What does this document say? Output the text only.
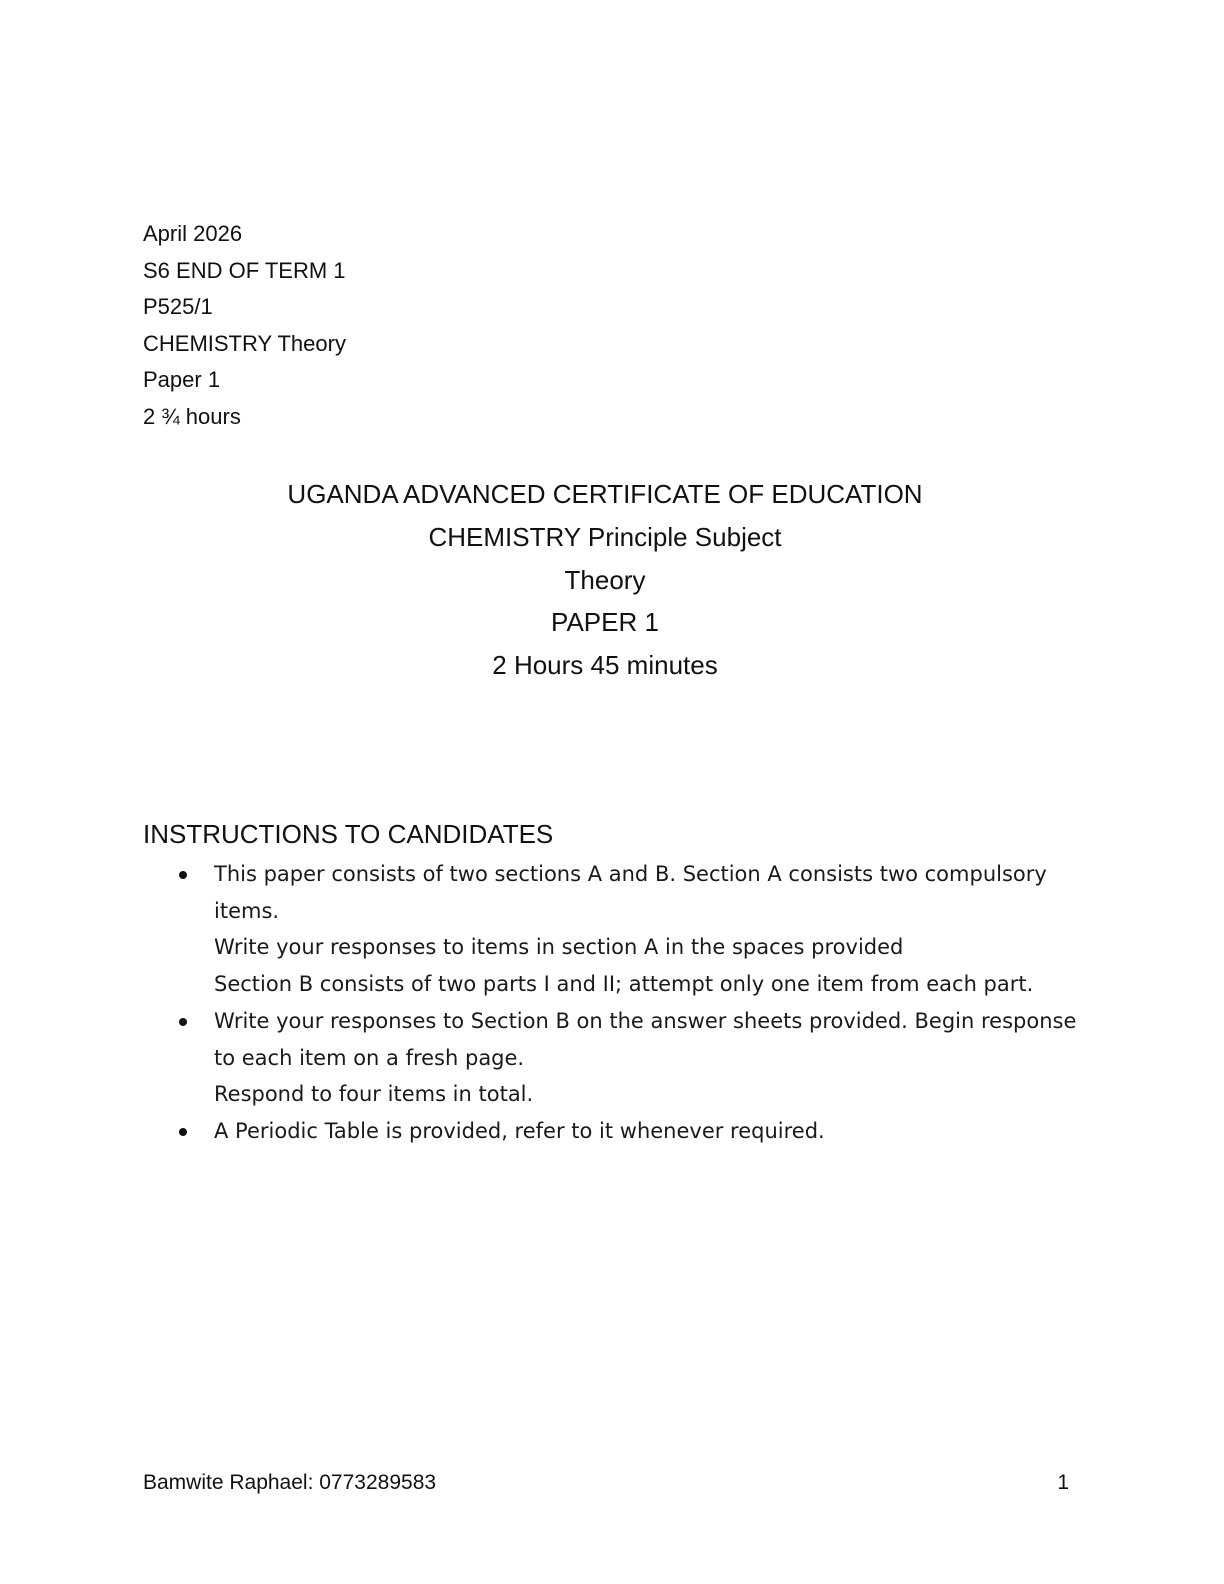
April 2026
S6 END OF TERM 1
P525/1
CHEMISTRY Theory
Paper 1
2 ¾ hours
UGANDA ADVANCED CERTIFICATE OF EDUCATION
CHEMISTRY Principle Subject
Theory
PAPER 1
2 Hours 45 minutes
INSTRUCTIONS TO CANDIDATES
This paper consists of two sections A and B. Section A consists two compulsory
items.
Write your responses to items in section A in the spaces provided
Section B consists of two parts I and II; attempt only one item from each part.
Write your responses to Section B on the answer sheets provided. Begin response
to each item on a fresh page.
Respond to four items in total.
A Periodic Table is provided, refer to it whenever required.
Bamwite Raphael: 0773289583	1
